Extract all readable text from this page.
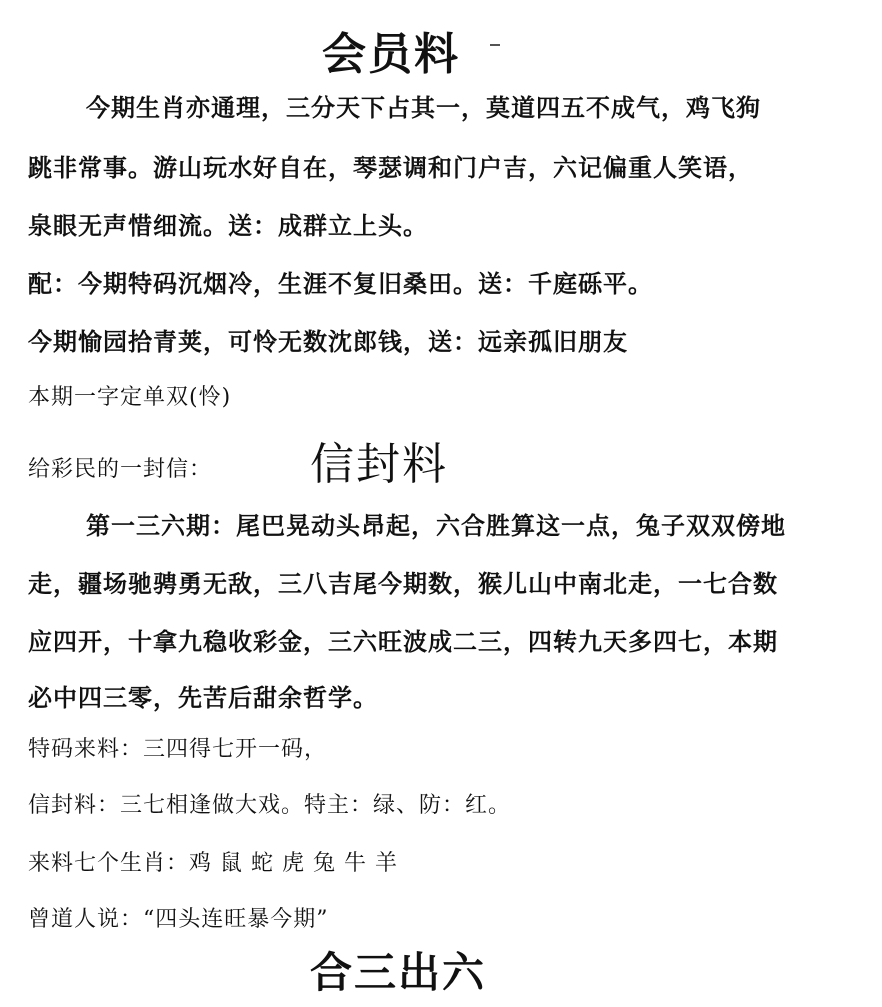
会员料
今期生肖亦通理，三分天下占其一，莫道四五不成气，鸡飞狗
跳非常事。游山玩水好自在，琴瑟调和门户吉，六记偏重人笑语，
泉眼无声惜细流。送：成群立上头。
配：今期特码沉烟冷，生涯不复旧桑田。送：千庭砾平。
今期愉园拾青荚，可怜无数沈郎钱，送：远亲孤旧朋友
本期一字定单双(怜)
给彩民的一封信： 信封料
第一三六期：尾巴晃动头昂起，六合胜算这一点，兔子双双傍地
走，疆场驰骋勇无敌，三八吉尾今期数，猴儿山中南北走，一七合数
应四开，十拿九稳收彩金，三六旺波成二三，四转九天多四七，本期
必中四三零，先苦后甜余哲学。
特码来料：三四得七开一码，
信封料：三七相逢做大戏。特主：绿、防：红。
来料七个生肖：鸡 鼠 蛇 虎 兔 牛 羊
曾道人说：“四头连旺暴今期”
合三出六
